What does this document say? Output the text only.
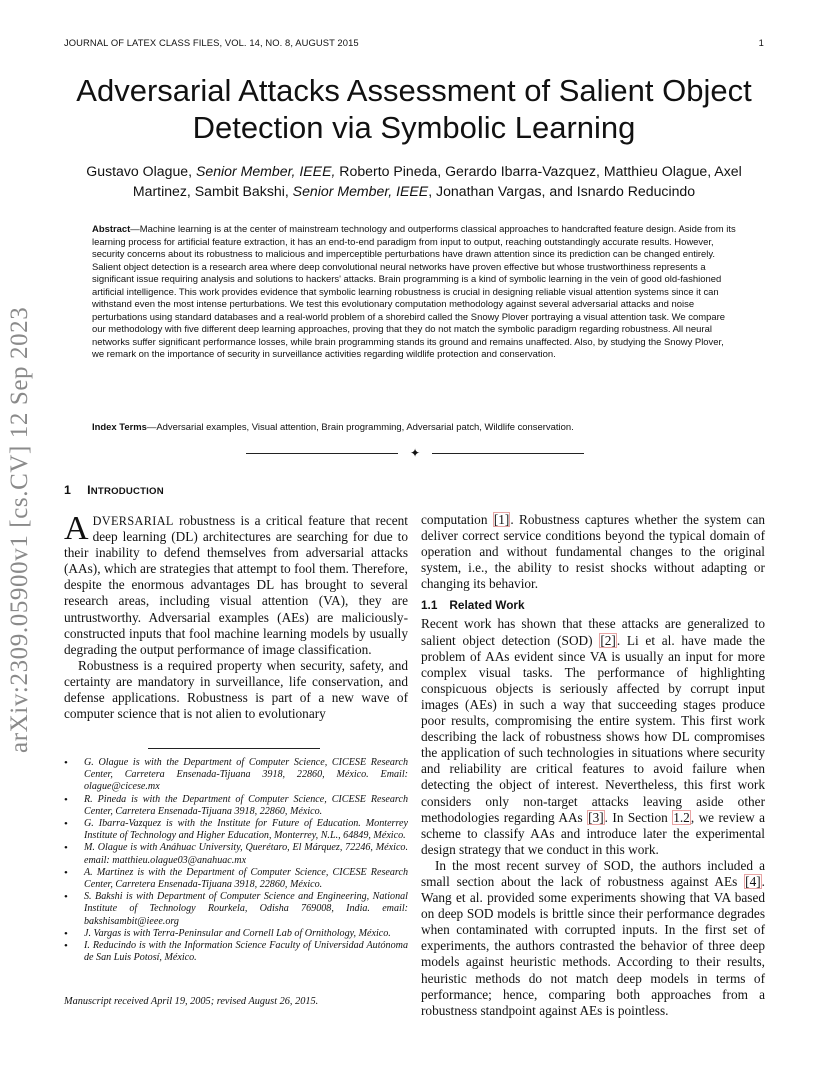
JOURNAL OF LATEX CLASS FILES, VOL. 14, NO. 8, AUGUST 2015	1
arXiv:2309.05900v1 [cs.CV] 12 Sep 2023
Adversarial Attacks Assessment of Salient Object Detection via Symbolic Learning
Gustavo Olague, Senior Member, IEEE, Roberto Pineda, Gerardo Ibarra-Vazquez, Matthieu Olague, Axel Martinez, Sambit Bakshi, Senior Member, IEEE, Jonathan Vargas, and Isnardo Reducindo
Abstract—Machine learning is at the center of mainstream technology and outperforms classical approaches to handcrafted feature design. Aside from its learning process for artificial feature extraction, it has an end-to-end paradigm from input to output, reaching outstandingly accurate results. However, security concerns about its robustness to malicious and imperceptible perturbations have drawn attention since its prediction can be changed entirely. Salient object detection is a research area where deep convolutional neural networks have proven effective but whose trustworthiness represents a significant issue requiring analysis and solutions to hackers' attacks. Brain programming is a kind of symbolic learning in the vein of good old-fashioned artificial intelligence. This work provides evidence that symbolic learning robustness is crucial in designing reliable visual attention systems since it can withstand even the most intense perturbations. We test this evolutionary computation methodology against several adversarial attacks and noise perturbations using standard databases and a real-world problem of a shorebird called the Snowy Plover portraying a visual attention task. We compare our methodology with five different deep learning approaches, proving that they do not match the symbolic paradigm regarding robustness. All neural networks suffer significant performance losses, while brain programming stands its ground and remains unaffected. Also, by studying the Snowy Plover, we remark on the importance of security in surveillance activities regarding wildlife protection and conservation.
Index Terms—Adversarial examples, Visual attention, Brain programming, Adversarial patch, Wildlife conservation.
✦
1 INTRODUCTION

ADVERSARIAL robustness is a critical feature that recent deep learning (DL) architectures are searching for due to their inability to defend themselves from adversarial attacks (AAs), which are strategies that attempt to fool them. Therefore, despite the enormous advantages DL has brought to several research areas, including visual attention (VA), they are untrustworthy. Adversarial examples (AEs) are maliciously-constructed inputs that fool machine learning models by usually degrading the output performance of image classification.

Robustness is a required property when security, safety, and certainty are mandatory in surveillance, life conservation, and defense applications. Robustness is part of a new wave of computer science that is not alien to evolutionary

• G. Olague is with the Department of Computer Science, CICESE Research Center, Carretera Ensenada-Tijuana 3918, 22860, México. Email: olague@cicese.mx
• R. Pineda is with the Department of Computer Science, CICESE Research Center, Carretera Ensenada-Tijuana 3918, 22860, México.
• G. Ibarra-Vazquez is with the Institute for Future of Education. Monterrey Institute of Technology and Higher Education, Monterrey, N.L., 64849, México.
• M. Olague is with Anáhuac University, Querétaro, El Márquez, 72246, México. email: matthieu.olague03@anahuac.mx
• A. Martinez is with the Department of Computer Science, CICESE Research Center, Carretera Ensenada-Tijuana 3918, 22860, México.
• S. Bakshi is with Department of Computer Science and Engineering, National Institute of Technology Rourkela, Odisha 769008, India. email: bakshisambit@ieee.org
• J. Vargas is with Terra-Peninsular and Cornell Lab of Ornithology, México.
• I. Reducindo is with the Information Science Faculty of Universidad Autónoma de San Luis Potosí, México.
Manuscript received April 19, 2005; revised August 26, 2015.

computation [1]. Robustness captures whether the system can deliver correct service conditions beyond the typical domain of operation and without fundamental changes to the original system, i.e., the ability to resist shocks without adapting or changing its behavior.

1.1 Related Work

Recent work has shown that these attacks are generalized to salient object detection (SOD) [2]. Li et al. have made the problem of AAs evident since VA is usually an input for more complex visual tasks. The performance of highlighting conspicuous objects is seriously affected by corrupt input images (AEs) in such a way that succeeding stages produce poor results, compromising the entire system. This first work describing the lack of robustness shows how DL compromises the application of such technologies in situations where security and reliability are critical features to avoid failure when detecting the object of interest. Nevertheless, this first work considers only non-target attacks leaving aside other methodologies regarding AAs [3]. In Section 1.2, we review a scheme to classify AAs and introduce later the experimental design strategy that we conduct in this work.

In the most recent survey of SOD, the authors included a small section about the lack of robustness against AEs [4]. Wang et al. provided some experiments showing that VA based on deep SOD models is brittle since their performance degrades when contaminated with corrupted inputs. In the first set of experiments, the authors contrasted the behavior of three deep models against heuristic methods. According to their results, heuristic methods do not match deep models in terms of performance; hence, comparing both approaches from a robustness standpoint against AEs is pointless.
